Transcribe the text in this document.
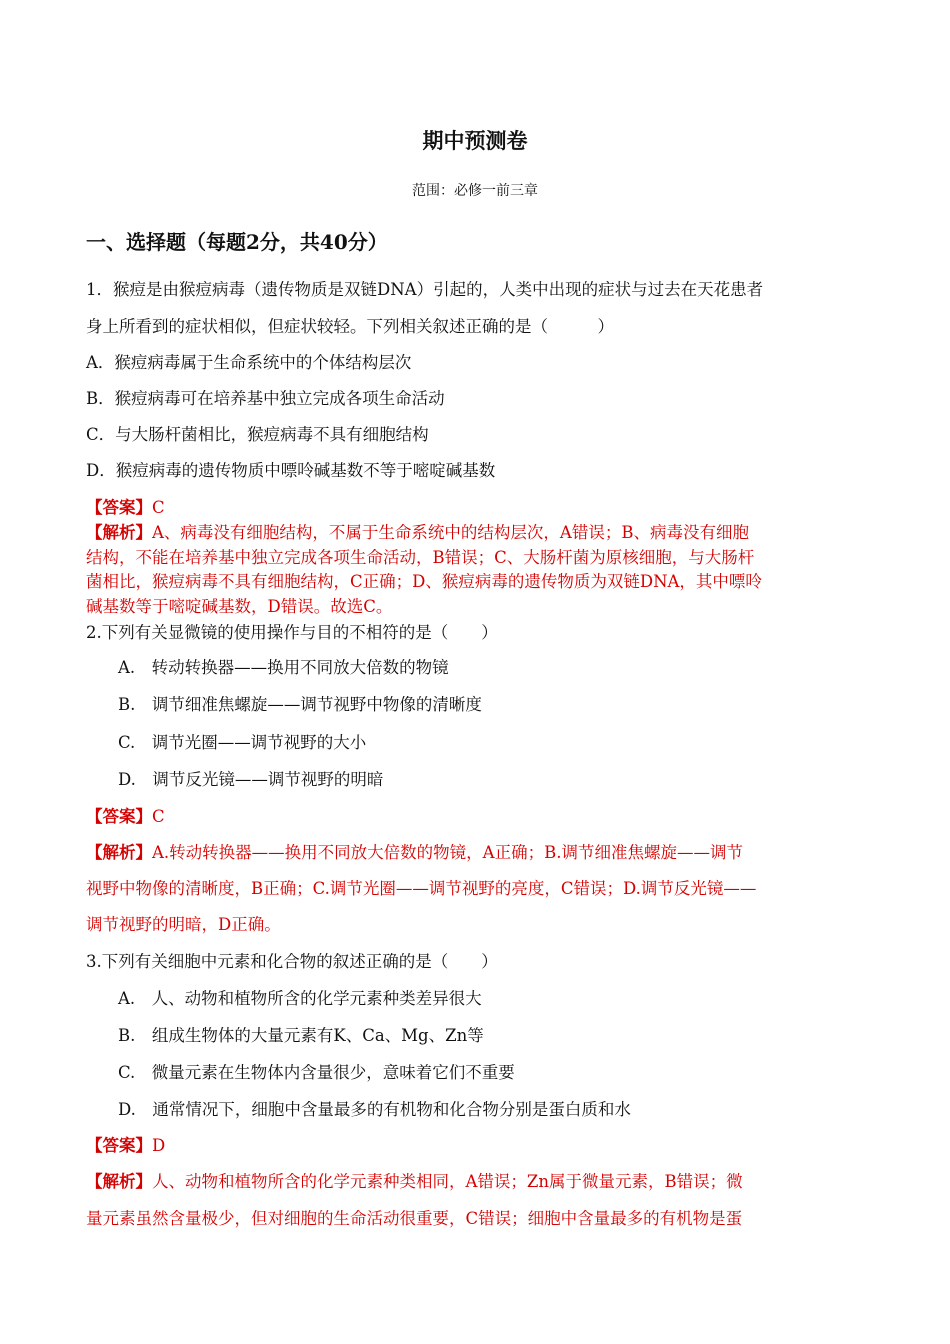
期中预测卷
范围：必修一前三章
一、选择题（每题2分，共40分）
1．猴痘是由猴痘病毒（遗传物质是双链DNA）引起的，人类中出现的症状与过去在天花患者
身上所看到的症状相似，但症状较轻。下列相关叙述正确的是（　　　）
A．猴痘病毒属于生命系统中的个体结构层次
B．猴痘病毒可在培养基中独立完成各项生命活动
C．与大肠杆菌相比，猴痘病毒不具有细胞结构
D．猴痘病毒的遗传物质中嘌呤碱基数不等于嘧啶碱基数
【答案】C
【解析】A、病毒没有细胞结构，不属于生命系统中的结构层次，A错误；B、病毒没有细胞
结构，不能在培养基中独立完成各项生命活动，B错误；C、大肠杆菌为原核细胞，与大肠杆
菌相比，猴痘病毒不具有细胞结构，C正确；D、猴痘病毒的遗传物质为双链DNA，其中嘌呤
碱基数等于嘧啶碱基数，D错误。故选C。
2.下列有关显微镜的使用操作与目的不相符的是（　　）
A.　转动转换器——换用不同放大倍数的物镜
B.　调节细准焦螺旋——调节视野中物像的清晰度
C.　调节光圈——调节视野的大小
D.　调节反光镜——调节视野的明暗
【答案】C
【解析】A.转动转换器——换用不同放大倍数的物镜，A正确；B.调节细准焦螺旋——调节
视野中物像的清晰度，B正确；C.调节光圈——调节视野的亮度，C错误；D.调节反光镜——
调节视野的明暗，D正确。
3.下列有关细胞中元素和化合物的叙述正确的是（　　）
A.　人、动物和植物所含的化学元素种类差异很大
B.　组成生物体的大量元素有K、Ca、Mg、Zn等
C.　微量元素在生物体内含量很少，意味着它们不重要
D.　通常情况下，细胞中含量最多的有机物和化合物分别是蛋白质和水
【答案】D
【解析】人、动物和植物所含的化学元素种类相同，A错误；Zn属于微量元素，B错误；微
量元素虽然含量极少，但对细胞的生命活动很重要，C错误；细胞中含量最多的有机物是蛋
